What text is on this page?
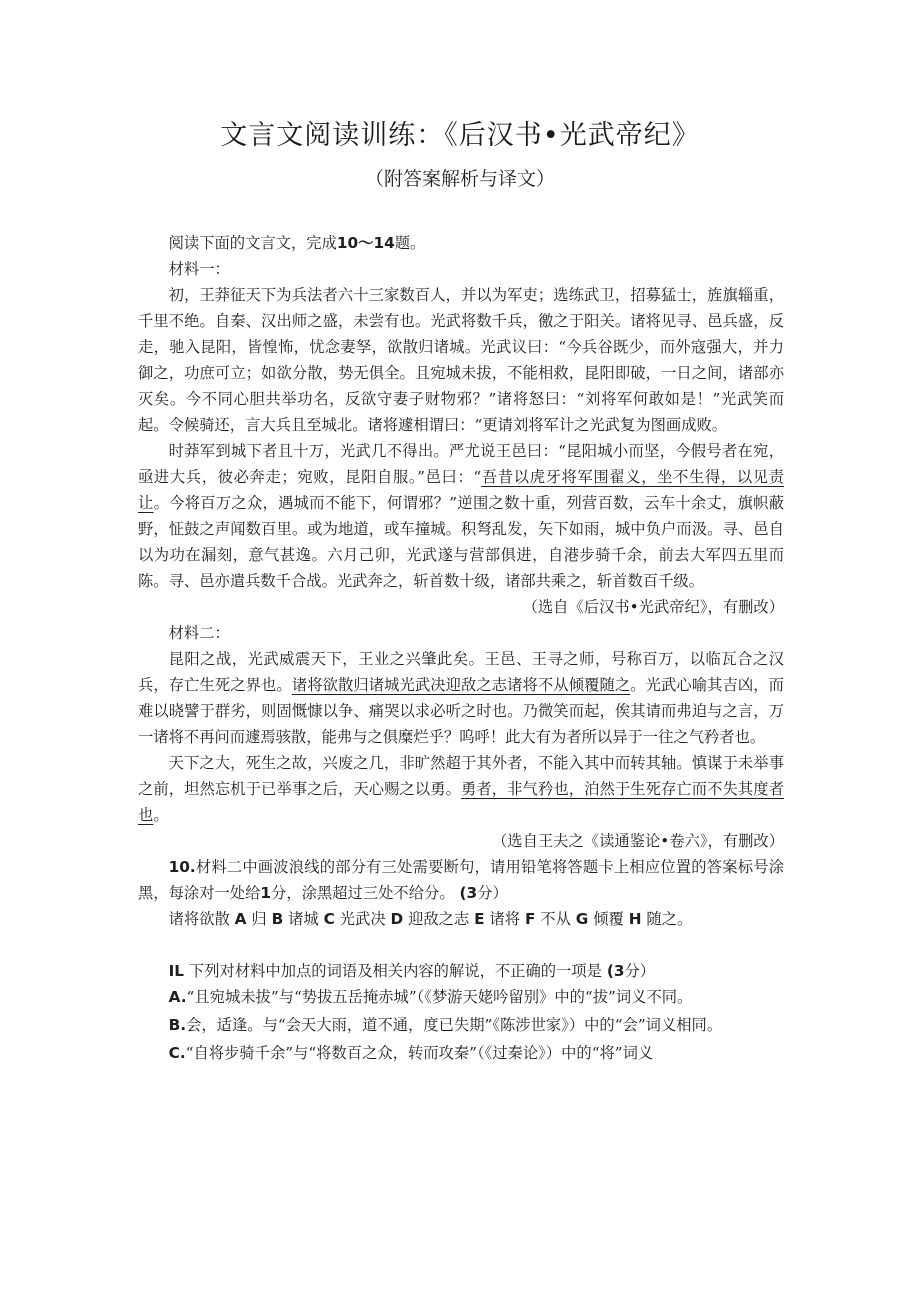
文言文阅读训练：《后汉书•光武帝纪》
（附答案解析与译文）

阅读下面的文言文，完成10〜14题。

材料一：

初，王莽征天下为兵法者六十三家数百人，并以为军吏；选练武卫，招募猛士，旌旗辎重，千里不绝。自秦、汉出师之盛，未尝有也。光武将数千兵，徼之于阳关。诸将见寻、邑兵盛，反走，驰入昆阳，皆惶怖，忧念妻孥，欲散归诸城。光武议曰：“今兵谷既少，而外寇强大，并力御之，功庶可立；如欲分散，势无俱全。且宛城未拔，不能相救，昆阳即破，一日之间，诸部亦灭矣。今不同心胆共举功名，反欲守妻子财物邪？”诸将怒曰：“刘将军何敢如是！”光武笑而起。令候骑还，言大兵且至城北。诸将遽相谓曰：“更请刘将军计之光武复为图画成败。

时莽军到城下者且十万，光武几不得出。严尤说王邑曰：“昆阳城小而坚，今假号者在宛，亟进大兵，彼必奔走；宛败，昆阳自服。”邑曰：“吾昔以虎牙将军围翟义，坐不生得，以见责让。今将百万之众，遇城而不能下，何谓邪？”逆围之数十重，列营百数，云车十余丈，旗帜蔽野，怔鼓之声闻数百里。或为地道，或车撞城。积弩乱发，矢下如雨，城中负户而汲。寻、邑自以为功在漏刻，意气甚逸。六月己卯，光武遂与营部俱进，自港步骑千余，前去大军四五里而陈。寻、邑亦遣兵数千合战。光武奔之，斩首数十级，诸部共乘之，斩首数百千级。

（选自《后汉书•光武帝纪》，有删改）

材料二：

昆阳之战，光武威震天下，王业之兴肇此矣。王邑、王寻之师，号称百万，以临瓦合之汉兵，存亡生死之界也。诸将欲散归诸城光武决迎敌之志诸将不从倾覆随之。光武心喻其吉凶，而难以晓譬于群劣，则固慨慷以争、痛哭以求必听之时也。乃微笑而起，俟其请而弗迫与之言，万一诸将不再问而遽焉骇散，能弗与之俱糜烂乎？呜呼！此大有为者所以异于一往之气矜者也。

天下之大，死生之故，兴废之几，非旷然超于其外者，不能入其中而转其轴。慎谋于未举事之前，坦然忘机于已举事之后，天心赐之以勇。勇者，非气矜也，泊然于生死存亡而不失其度者也。

（选自王夫之《读通鉴论•卷六》，有删改）

10.材料二中画波浪线的部分有三处需要断句，请用铅笔将答题卡上相应位置的答案标号涂黑，每涂对一处给1分，涂黑超过三处不给分。 (3分）

诸将欲散 A 归 B 诸城 C 光武决 D 迎敌之志 E 诸将 F 不从 G 倾覆 H 随之。

IL 下列对材料中加点的词语及相关内容的解说，不正确的一项是 (3分）

A.“且宛城未拔”与“势拔五岳掩赤城”（《梦游天姥吟留别》中的“拔”词义不同。

B.会，适逢。与“会天大雨，道不通，度已失期”《陈涉世家》）中的“会”词义相同。

C.“自将步骑千余”与“将数百之众，转而攻秦”（《过秦论》）中的“将”词义
